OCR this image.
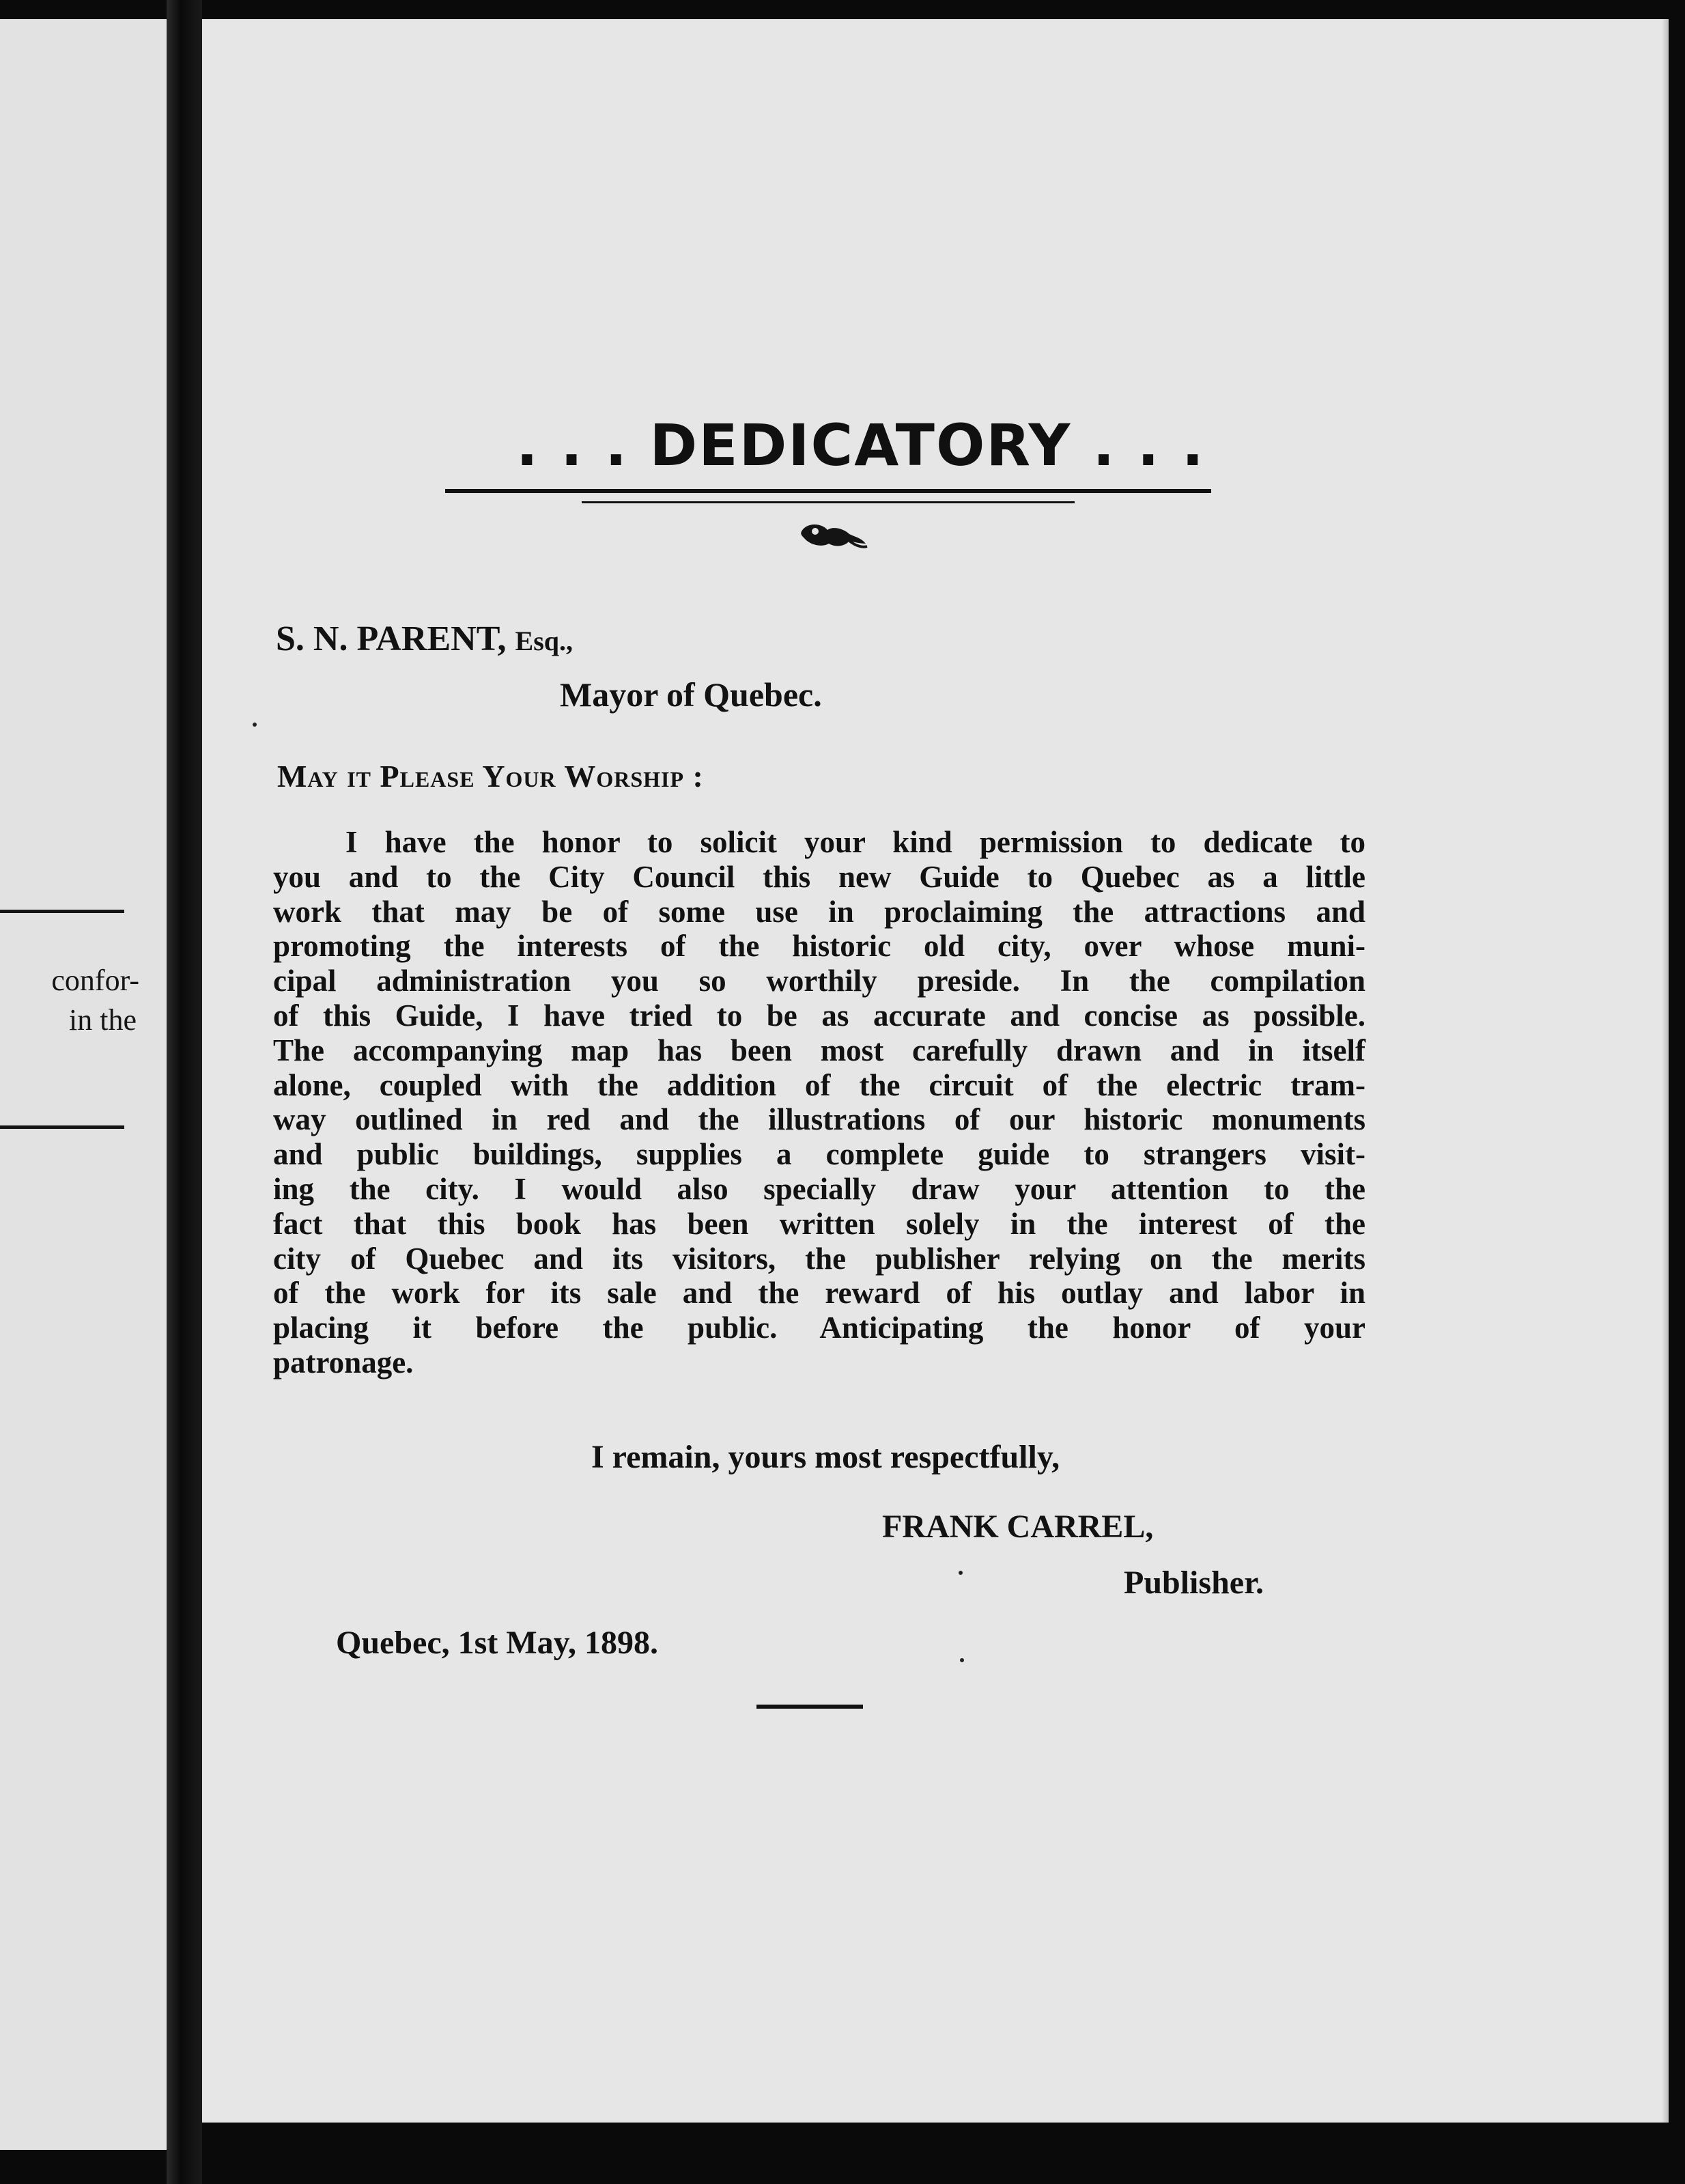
confor-
in the
. . . DEDICATORY . . .
S. N. PARENT, Esq.,
Mayor of Quebec.
May it Please Your Worship :
I have the honor to solicit your kind permission to dedicate to
you and to the City Council this new Guide to Quebec as a little
work that may be of some use in proclaiming the attractions and
promoting the interests of the historic old city, over whose muni-
cipal administration you so worthily preside. In the compilation
of this Guide, I have tried to be as accurate and concise as possible.
The accompanying map has been most carefully drawn and in itself
alone, coupled with the addition of the circuit of the electric tram-
way outlined in red and the illustrations of our historic monuments
and public buildings, supplies a complete guide to strangers visit-
ing the city. I would also specially draw your attention to the
fact that this book has been written solely in the interest of the
city of Quebec and its visitors, the publisher relying on the merits
of the work for its sale and the reward of his outlay and labor in
placing it before the public. Anticipating the honor of your
patronage.
I remain, yours most respectfully,
FRANK CARREL,
Publisher.
Quebec, 1st May, 1898.
